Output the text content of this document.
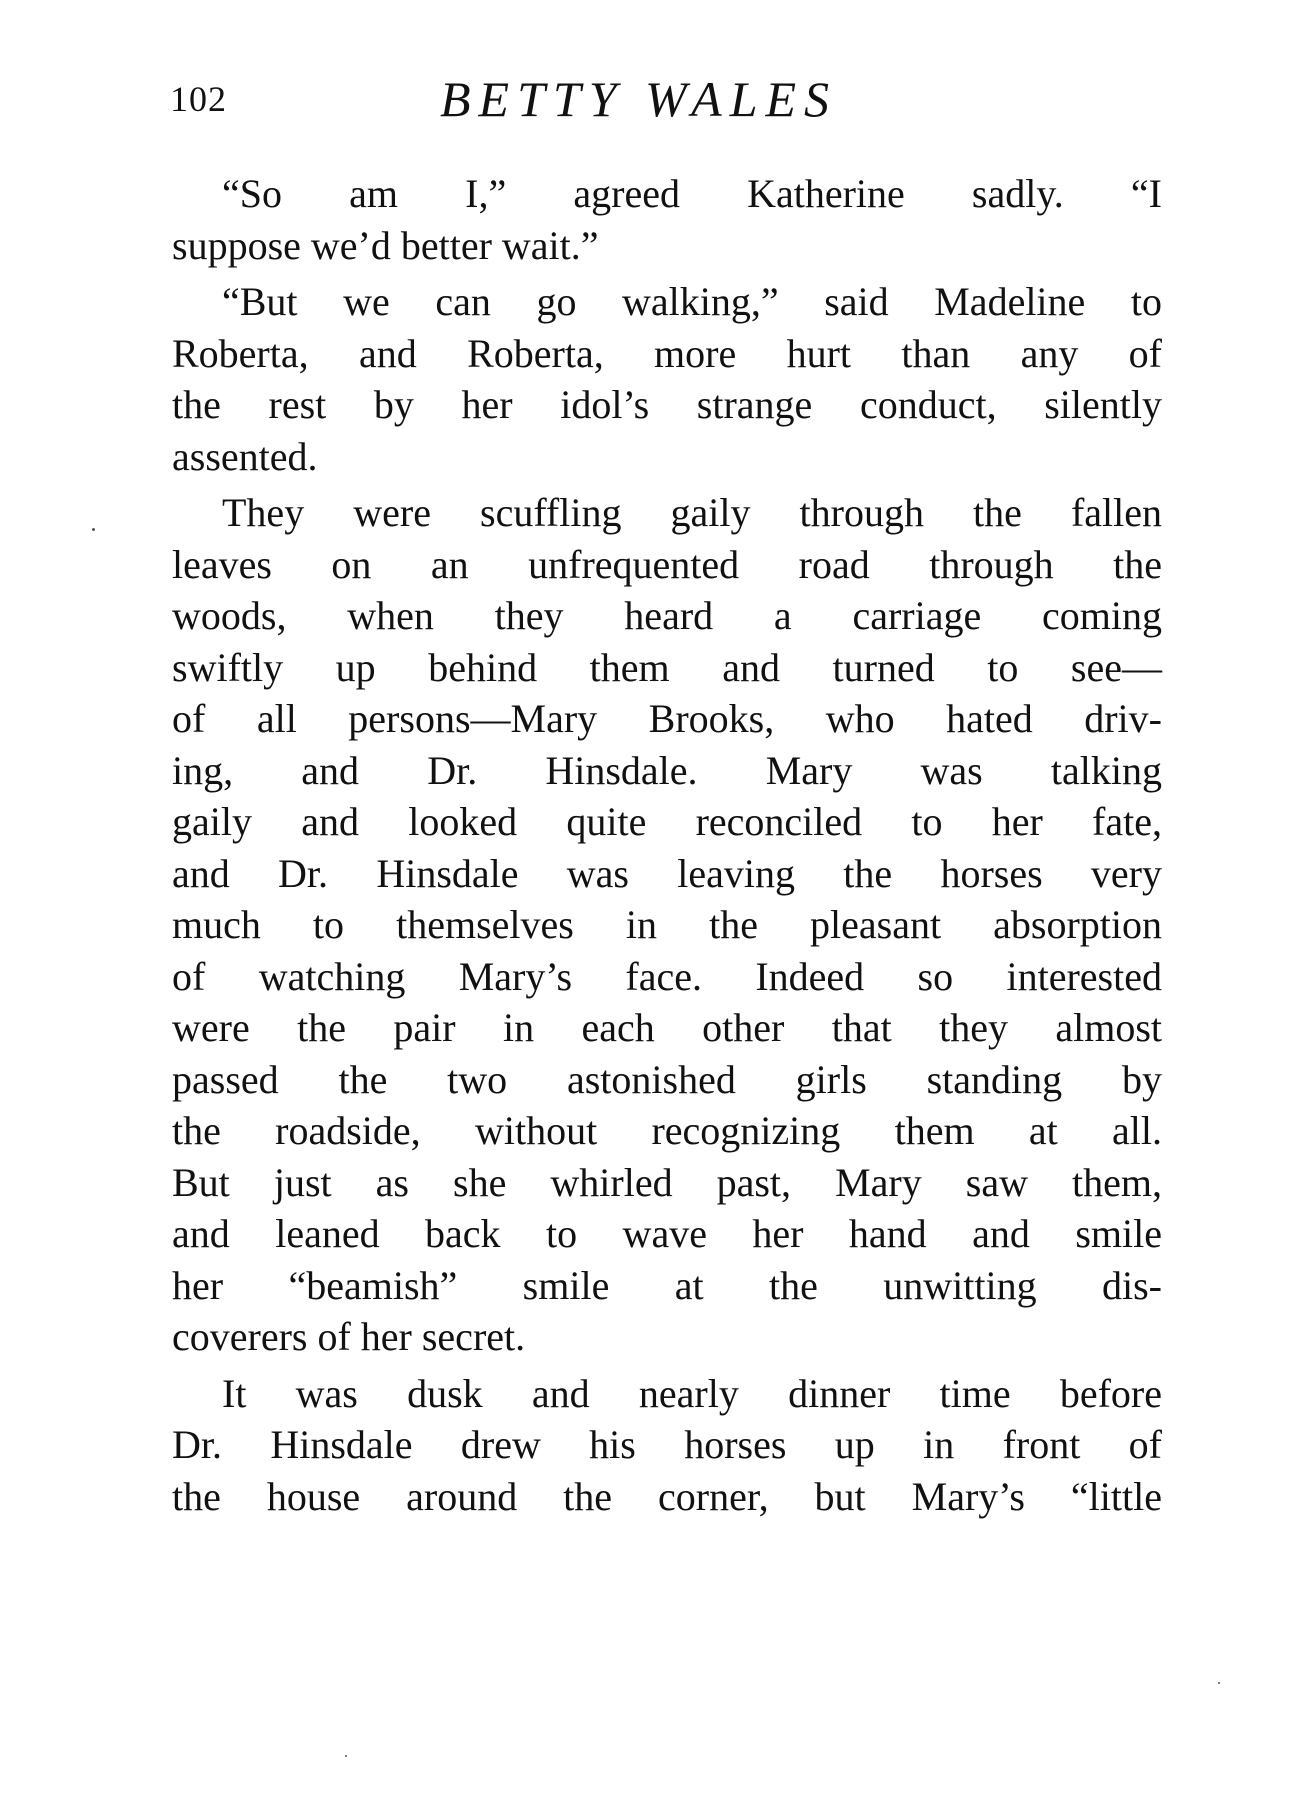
102	BETTY WALES
“So am I,” agreed Katherine sadly. “I
suppose we’d better wait.”
“But we can go walking,” said Madeline to
Roberta, and Roberta, more hurt than any of
the rest by her idol’s strange conduct, silently
assented.
They were scuffling gaily through the fallen
leaves on an unfrequented road through the
woods, when they heard a carriage coming
swiftly up behind them and turned to see—
of all persons—Mary Brooks, who hated driv-
ing, and Dr. Hinsdale. Mary was talking
gaily and looked quite reconciled to her fate,
and Dr. Hinsdale was leaving the horses very
much to themselves in the pleasant absorption
of watching Mary’s face. Indeed so interested
were the pair in each other that they almost
passed the two astonished girls standing by
the roadside, without recognizing them at all.
But just as she whirled past, Mary saw them,
and leaned back to wave her hand and smile
her “beamish” smile at the unwitting dis-
coverers of her secret.
It was dusk and nearly dinner time before
Dr. Hinsdale drew his horses up in front of
the house around the corner, but Mary’s “little
